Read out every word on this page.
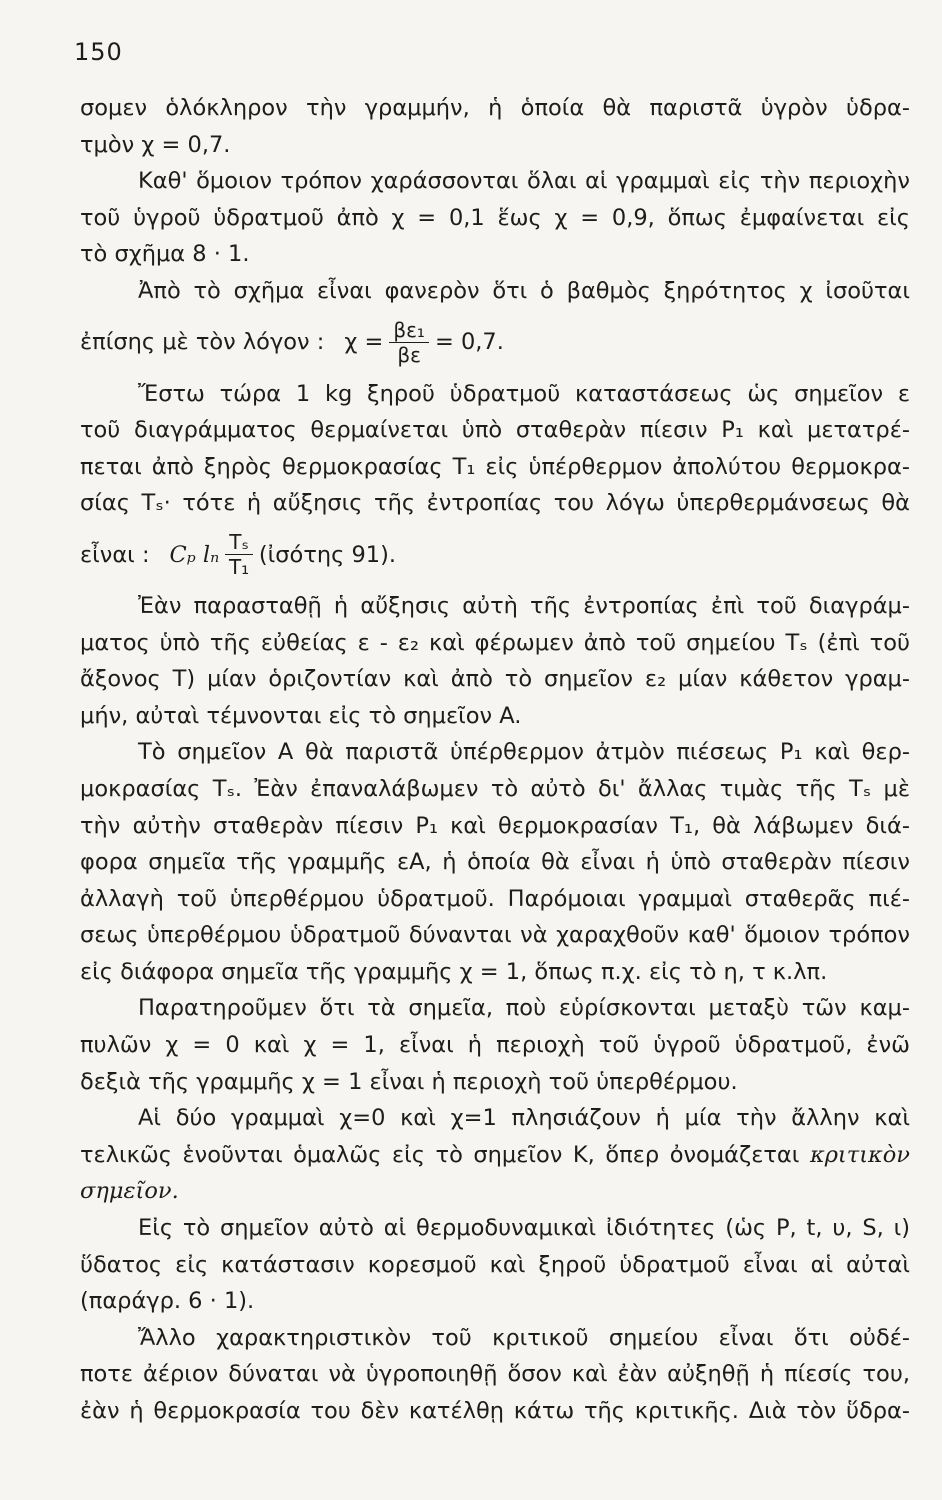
150
σομεν ὁλόκληρον τὴν γραμμήν, ἡ ὁποία θὰ παριστᾶ ὑγρὸν ὑδρα-
τμὸν χ = 0,7.
Καθ' ὅμοιον τρόπον χαράσσονται ὅλαι αἱ γραμμαὶ εἰς τὴν περιοχὴν
τοῦ ὑγροῦ ὑδρατμοῦ ἀπὸ χ = 0,1 ἕως χ = 0,9, ὅπως ἐμφαίνεται εἰς
τὸ σχῆμα 8 · 1.
Ἀπὸ τὸ σχῆμα εἶναι φανερὸν ὅτι ὁ βαθμὸς ξηρότητος χ ἰσοῦται
ἐπίσης μὲ τὸν λόγον : $\chi = \frac{\text{βε₁}}{\beta\varepsilon} = 0,7$.
Ἔστω τώρα 1 kg ξηροῦ ὑδρατμοῦ καταστάσεως ὡς σημεῖον ε
τοῦ διαγράμματος θερμαίνεται ὑπὸ σταθερὰν πίεσιν P₁ καὶ μετατρέ-
πεται ἀπὸ ξηρὸς θερμοκρασίας T₁ εἰς ὑπέρθερμον ἀπολύτου θερμοκρα-
σίας Tₛ· τότε ἡ αὔξησις τῆς ἐντροπίας του λόγω ὑπερθερμάνσεως θὰ
εἶναι : Cₚ lₙ $\frac{\text{Tₛ}}{\text{T₁}}$ (ἰσότης 91).
Ἐὰν παρασταθῇ ἡ αὔξησις αὐτὴ τῆς ἐντροπίας ἐπὶ τοῦ διαγράμ-
ματος ὑπὸ τῆς εὐθείας ε - ε₂ καὶ φέρωμεν ἀπὸ τοῦ σημείου Tₛ (ἐπὶ τοῦ
ἄξονος T) μίαν ὁριζοντίαν καὶ ἀπὸ τὸ σημεῖον ε₂ μίαν κάθετον γραμ-
μήν, αὐταὶ τέμνονται εἰς τὸ σημεῖον A.
Τὸ σημεῖον A θὰ παριστᾶ ὑπέρθερμον ἀτμὸν πιέσεως P₁ καὶ θερ-
μοκρασίας Tₛ. Ἐὰν ἐπαναλάβωμεν τὸ αὐτὸ δι' ἄλλας τιμὰς τῆς Tₛ μὲ
τὴν αὐτὴν σταθερὰν πίεσιν P₁ καὶ θερμοκρασίαν T₁, θὰ λάβωμεν διά-
φορα σημεῖα τῆς γραμμῆς εA, ἡ ὁποία θὰ εἶναι ἡ ὑπὸ σταθερὰν πίεσιν
ἀλλαγὴ τοῦ ὑπερθέρμου ὑδρατμοῦ. Παρόμοιαι γραμμαὶ σταθερᾶς πιέ-
σεως ὑπερθέρμου ὑδρατμοῦ δύνανται νὰ χαραχθοῦν καθ' ὅμοιον τρόπον
εἰς διάφορα σημεῖα τῆς γραμμῆς χ = 1, ὅπως π.χ. εἰς τὸ η, τ κ.λπ.
Παρατηροῦμεν ὅτι τὰ σημεῖα, ποὺ εὑρίσκονται μεταξὺ τῶν καμ-
πυλῶν χ = 0 καὶ χ = 1, εἶναι ἡ περιοχὴ τοῦ ὑγροῦ ὑδρατμοῦ, ἐνῶ
δεξιὰ τῆς γραμμῆς χ = 1 εἶναι ἡ περιοχὴ τοῦ ὑπερθέρμου.
Αἱ δύο γραμμαὶ χ=0 καὶ χ=1 πλησιάζουν ἡ μία τὴν ἄλλην καὶ
τελικῶς ἑνοῦνται ὁμαλῶς εἰς τὸ σημεῖον K, ὅπερ ὀνομάζεται κριτικὸν
σημεῖον.
Εἰς τὸ σημεῖον αὐτὸ αἱ θερμοδυναμικαὶ ἰδιότητες (ὡς P, t, υ, S, ι)
ὕδατος εἰς κατάστασιν κορεσμοῦ καὶ ξηροῦ ὑδρατμοῦ εἶναι αἱ αὐταὶ
(παράγρ. 6 · 1).
Ἄλλο χαρακτηριστικὸν τοῦ κριτικοῦ σημείου εἶναι ὅτι οὐδέ-
ποτε ἀέριον δύναται νὰ ὑγροποιηθῇ ὅσον καὶ ἐὰν αὐξηθῇ ἡ πίεσίς του,
ἐὰν ἡ θερμοκρασία του δὲν κατέλθῃ κάτω τῆς κριτικῆς. Διὰ τὸν ὕδρα-
